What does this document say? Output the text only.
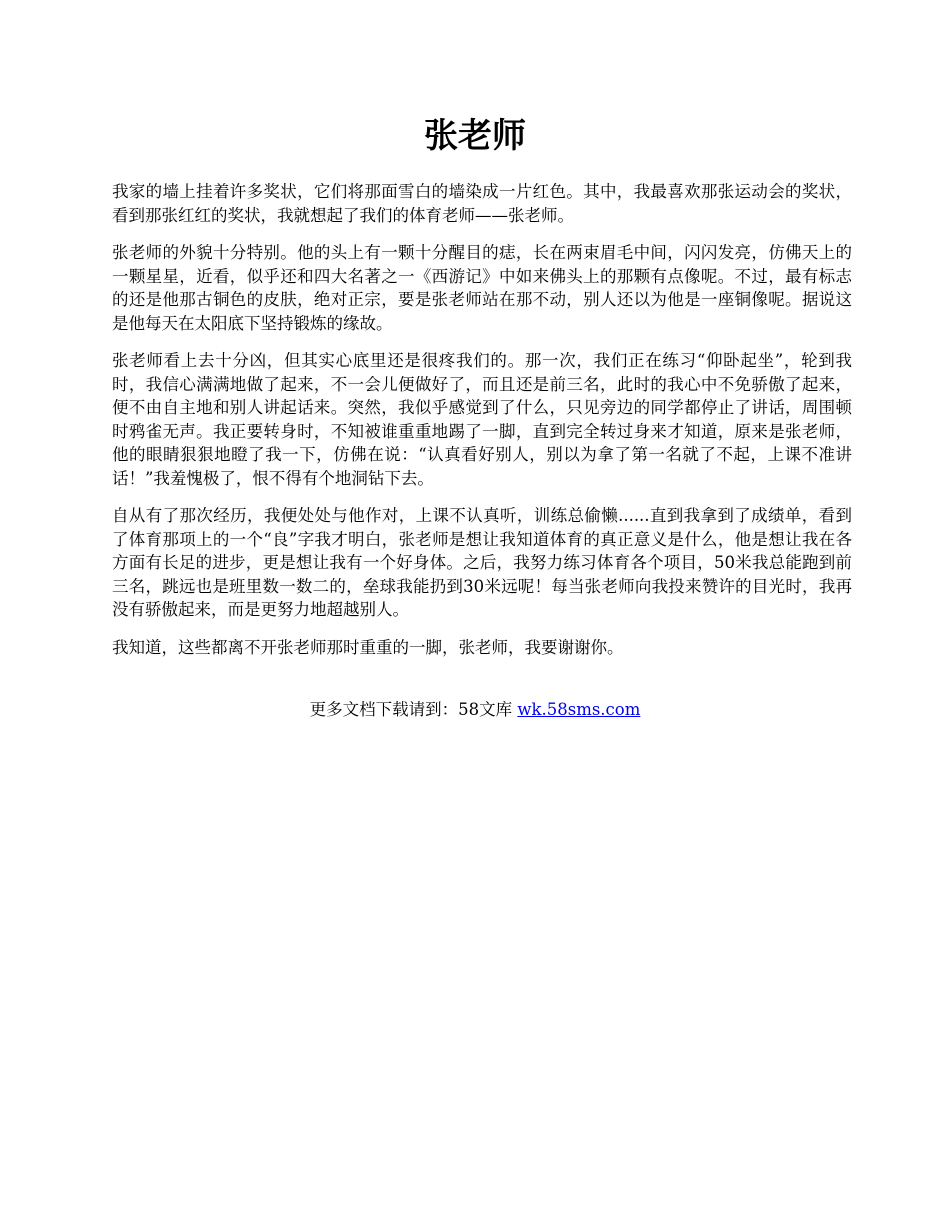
张老师

我家的墙上挂着许多奖状，它们将那面雪白的墙染成一片红色。其中，我最喜欢那张运动会的奖状，看到那张红红的奖状，我就想起了我们的体育老师——张老师。

张老师的外貌十分特别。他的头上有一颗十分醒目的痣，长在两束眉毛中间，闪闪发亮，仿佛天上的一颗星星，近看，似乎还和四大名著之一《西游记》中如来佛头上的那颗有点像呢。不过，最有标志的还是他那古铜色的皮肤，绝对正宗，要是张老师站在那不动，别人还以为他是一座铜像呢。据说这是他每天在太阳底下坚持锻炼的缘故。

张老师看上去十分凶，但其实心底里还是很疼我们的。那一次，我们正在练习“仰卧起坐”，轮到我时，我信心满满地做了起来，不一会儿便做好了，而且还是前三名，此时的我心中不免骄傲了起来，便不由自主地和别人讲起话来。突然，我似乎感觉到了什么，只见旁边的同学都停止了讲话，周围顿时鸦雀无声。我正要转身时，不知被谁重重地踢了一脚，直到完全转过身来才知道，原来是张老师，他的眼睛狠狠地瞪了我一下，仿佛在说：“认真看好别人，别以为拿了第一名就了不起，上课不准讲话！”我羞愧极了，恨不得有个地洞钻下去。

自从有了那次经历，我便处处与他作对，上课不认真听，训练总偷懒......直到我拿到了成绩单，看到了体育那项上的一个“良”字我才明白，张老师是想让我知道体育的真正意义是什么，他是想让我在各方面有长足的进步，更是想让我有一个好身体。之后，我努力练习体育各个项目，50米我总能跑到前三名，跳远也是班里数一数二的，垒球我能扔到30米远呢！每当张老师向我投来赞许的目光时，我再没有骄傲起来，而是更努力地超越别人。

我知道，这些都离不开张老师那时重重的一脚，张老师，我要谢谢你。

更多文档下载请到：58文库 wk.58sms.com
